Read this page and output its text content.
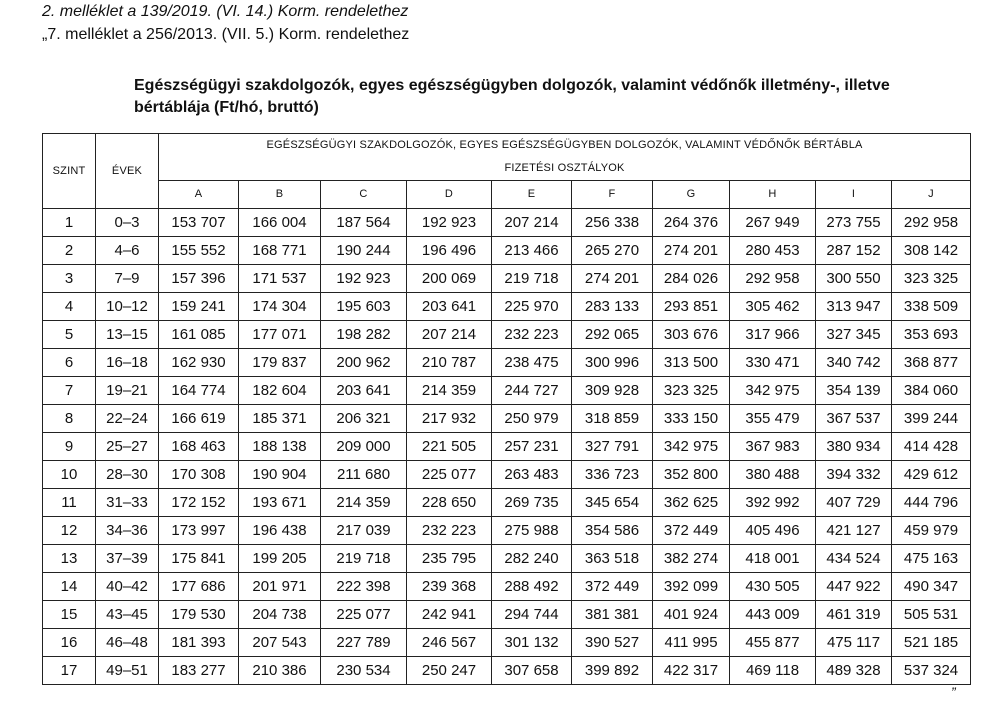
2. melléklet a 139/2019. (VI. 14.) Korm. rendelethez
„7. melléklet a 256/2013. (VII. 5.) Korm. rendelethez
Egészségügyi szakdolgozók, egyes egészségügyben dolgozók, valamint védőnők illetmény-, illetve bértáblája (Ft/hó, bruttó)
SZINT	ÉVEK	EGÉSZSÉGÜGYI SZAKDOLGOZÓK, EGYES EGÉSZSÉGÜGYBEN DOLGOZÓK, VALAMINT VÉDŐNŐK BÉRTÁBLA									
		FIZETÉSI OSZTÁLYOK									
		A	B	C	D	E	F	G	H	I	J
1	0–3	153 707	166 004	187 564	192 923	207 214	256 338	264 376	267 949	273 755	292 958
2	4–6	155 552	168 771	190 244	196 496	213 466	265 270	274 201	280 453	287 152	308 142
3	7–9	157 396	171 537	192 923	200 069	219 718	274 201	284 026	292 958	300 550	323 325
4	10–12	159 241	174 304	195 603	203 641	225 970	283 133	293 851	305 462	313 947	338 509
5	13–15	161 085	177 071	198 282	207 214	232 223	292 065	303 676	317 966	327 345	353 693
6	16–18	162 930	179 837	200 962	210 787	238 475	300 996	313 500	330 471	340 742	368 877
7	19–21	164 774	182 604	203 641	214 359	244 727	309 928	323 325	342 975	354 139	384 060
8	22–24	166 619	185 371	206 321	217 932	250 979	318 859	333 150	355 479	367 537	399 244
9	25–27	168 463	188 138	209 000	221 505	257 231	327 791	342 975	367 983	380 934	414 428
10	28–30	170 308	190 904	211 680	225 077	263 483	336 723	352 800	380 488	394 332	429 612
11	31–33	172 152	193 671	214 359	228 650	269 735	345 654	362 625	392 992	407 729	444 796
12	34–36	173 997	196 438	217 039	232 223	275 988	354 586	372 449	405 496	421 127	459 979
13	37–39	175 841	199 205	219 718	235 795	282 240	363 518	382 274	418 001	434 524	475 163
14	40–42	177 686	201 971	222 398	239 368	288 492	372 449	392 099	430 505	447 922	490 347
15	43–45	179 530	204 738	225 077	242 941	294 744	381 381	401 924	443 009	461 319	505 531
16	46–48	181 393	207 543	227 789	246 567	301 132	390 527	411 995	455 877	475 117	521 185
17	49–51	183 277	210 386	230 534	250 247	307 658	399 892	422 317	469 118	489 328	537 324
”
